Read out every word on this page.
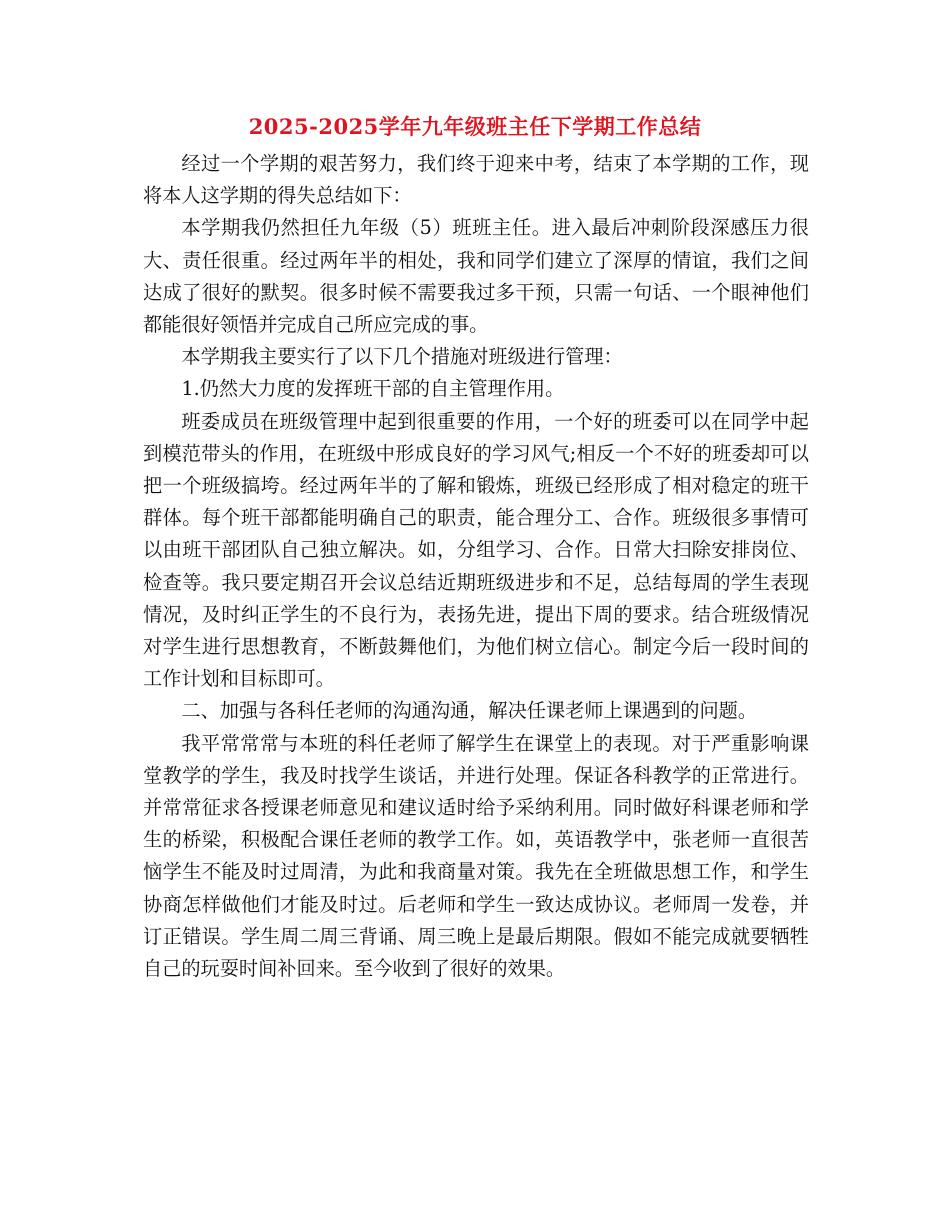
2025-2025学年九年级班主任下学期工作总结

经过一个学期的艰苦努力，我们终于迎来中考，结束了本学期的工作，现将本人这学期的得失总结如下：

本学期我仍然担任九年级（5）班班主任。进入最后冲刺阶段深感压力很大、责任很重。经过两年半的相处，我和同学们建立了深厚的情谊，我们之间达成了很好的默契。很多时候不需要我过多干预，只需一句话、一个眼神他们都能很好领悟并完成自己所应完成的事。

本学期我主要实行了以下几个措施对班级进行管理：

1.仍然大力度的发挥班干部的自主管理作用。

班委成员在班级管理中起到很重要的作用，一个好的班委可以在同学中起到模范带头的作用，在班级中形成良好的学习风气;相反一个不好的班委却可以把一个班级搞垮。经过两年半的了解和锻炼，班级已经形成了相对稳定的班干群体。每个班干部都能明确自己的职责，能合理分工、合作。班级很多事情可以由班干部团队自己独立解决。如，分组学习、合作。日常大扫除安排岗位、检查等。我只要定期召开会议总结近期班级进步和不足，总结每周的学生表现情况，及时纠正学生的不良行为，表扬先进，提出下周的要求。结合班级情况对学生进行思想教育，不断鼓舞他们，为他们树立信心。制定今后一段时间的工作计划和目标即可。

二、加强与各科任老师的沟通沟通，解决任课老师上课遇到的问题。

我平常常常与本班的科任老师了解学生在课堂上的表现。对于严重影响课堂教学的学生，我及时找学生谈话，并进行处理。保证各科教学的正常进行。并常常征求各授课老师意见和建议适时给予采纳利用。同时做好科课老师和学生的桥梁，积极配合课任老师的教学工作。如，英语教学中，张老师一直很苦恼学生不能及时过周清，为此和我商量对策。我先在全班做思想工作，和学生协商怎样做他们才能及时过。后老师和学生一致达成协议。老师周一发卷，并订正错误。学生周二周三背诵、周三晚上是最后期限。假如不能完成就要牺牲自己的玩耍时间补回来。至今收到了很好的效果。
